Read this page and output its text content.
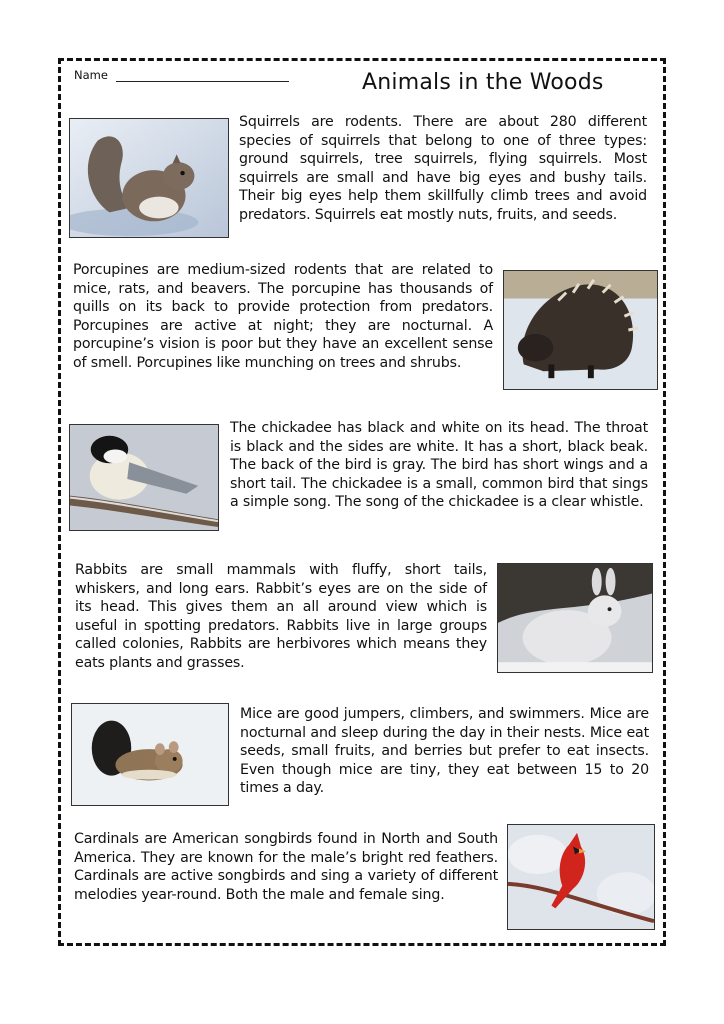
Name	Animals in the Woods
Squirrels are rodents. There are about 280 different species of squirrels that belong to one of three types: ground squirrels, tree squirrels, flying squirrels. Most squirrels are small and have big eyes and bushy tails. Their big eyes help them skillfully climb trees and avoid predators. Squirrels eat mostly nuts, fruits, and seeds.
Porcupines are medium-sized rodents that are related to mice, rats, and beavers. The porcupine has thousands of quills on its back to provide protection from predators. Porcupines are active at night; they are nocturnal. A porcupine’s vision is poor but they have an excellent sense of smell. Porcupines like munching on trees and shrubs.
The chickadee has black and white on its head. The throat is black and the sides are white. It has a short, black beak. The back of the bird is gray. The bird has short wings and a short tail. The chickadee is a small, common bird that sings a simple song. The song of the chickadee is a clear whistle.
Rabbits are small mammals with fluffy, short tails, whiskers, and long ears. Rabbit’s eyes are on the side of its head. This gives them an all around view which is useful in spotting predators. Rabbits live in large groups called colonies, Rabbits are herbivores which means they eats plants and grasses.
Mice are good jumpers, climbers, and swimmers. Mice are nocturnal and sleep during the day in their nests. Mice eat seeds, small fruits, and berries but prefer to eat insects. Even though mice are tiny, they eat between 15 to 20 times a day.
Cardinals are American songbirds found in North and South America. They are known for the male’s bright red feathers. Cardinals are active songbirds and sing a variety of different melodies year-round. Both the male and female sing.
